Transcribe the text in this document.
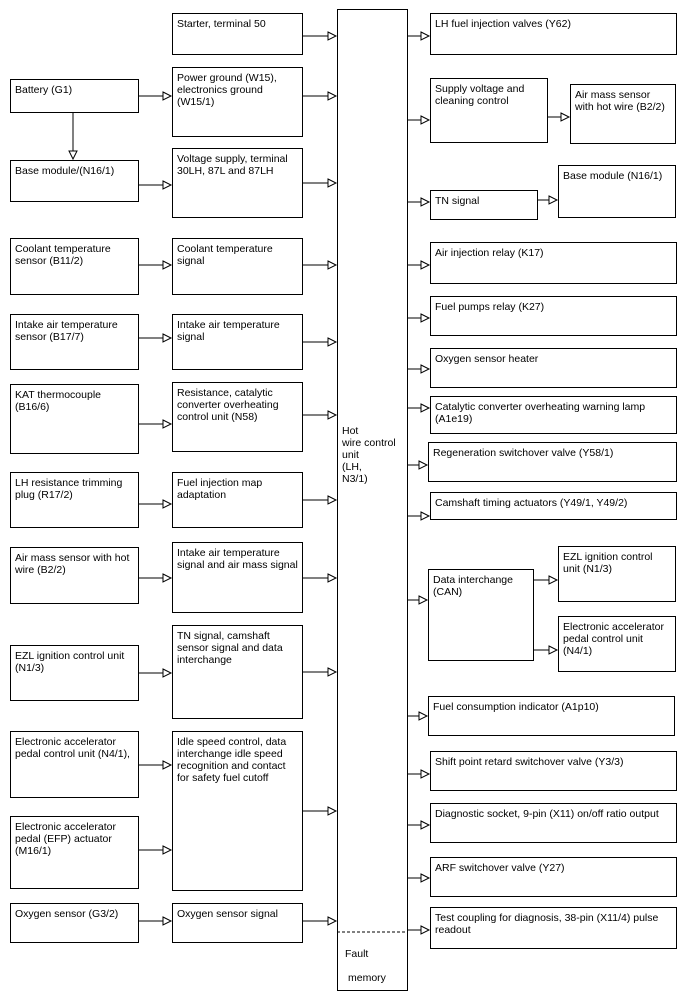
Battery (G1)
Base module/(N16/1)
Coolant temperature sensor (B11/2)
Intake air temperature sensor (B17/7)
KAT thermocouple (B16/6)
LH resistance trimming plug (R17/2)
Air mass sensor with hot wire (B2/2)
EZL ignition control unit (N1/3)
Electronic accelerator pedal control unit (N4/1),
Electronic accelerator pedal (EFP) actuator (M16/1)
Oxygen sensor (G3/2)
Starter, terminal 50
Power ground (W15), electronics ground (W15/1)
Voltage supply, terminal 30LH, 87L and 87LH
Coolant temperature signal
Intake air temperature signal
Resistance, catalytic converter overheating control unit (N58)
Fuel injection map adaptation
Intake air temperature signal and air mass signal
TN signal, camshaft sensor signal and data interchange
Idle speed control, data interchange idle speed recognition and contact for safety fuel cutoff
Oxygen sensor signal
Hot
wire control
unit
(LH,
N3/1)
Fault
memory
LH fuel injection valves (Y62)
Supply voltage and cleaning control	Air mass sensor with hot wire (B2/2)
TN signal
Base module (N16/1)
Air injection relay (K17)
Fuel pumps relay (K27)
Oxygen sensor heater
Catalytic converter overheating warning lamp (A1e19)
Regeneration switchover valve (Y58/1)
Camshaft timing actuators (Y49/1, Y49/2)
Data interchange (CAN)
EZL ignition control unit (N1/3)
Electronic accelerator pedal control unit (N4/1)
Fuel consumption indicator (A1p10)
Shift point retard switchover valve (Y3/3)
Diagnostic socket, 9-pin (X11) on/off ratio output
ARF switchover valve (Y27)
Test coupling for diagnosis, 38-pin (X11/4) pulse readout
